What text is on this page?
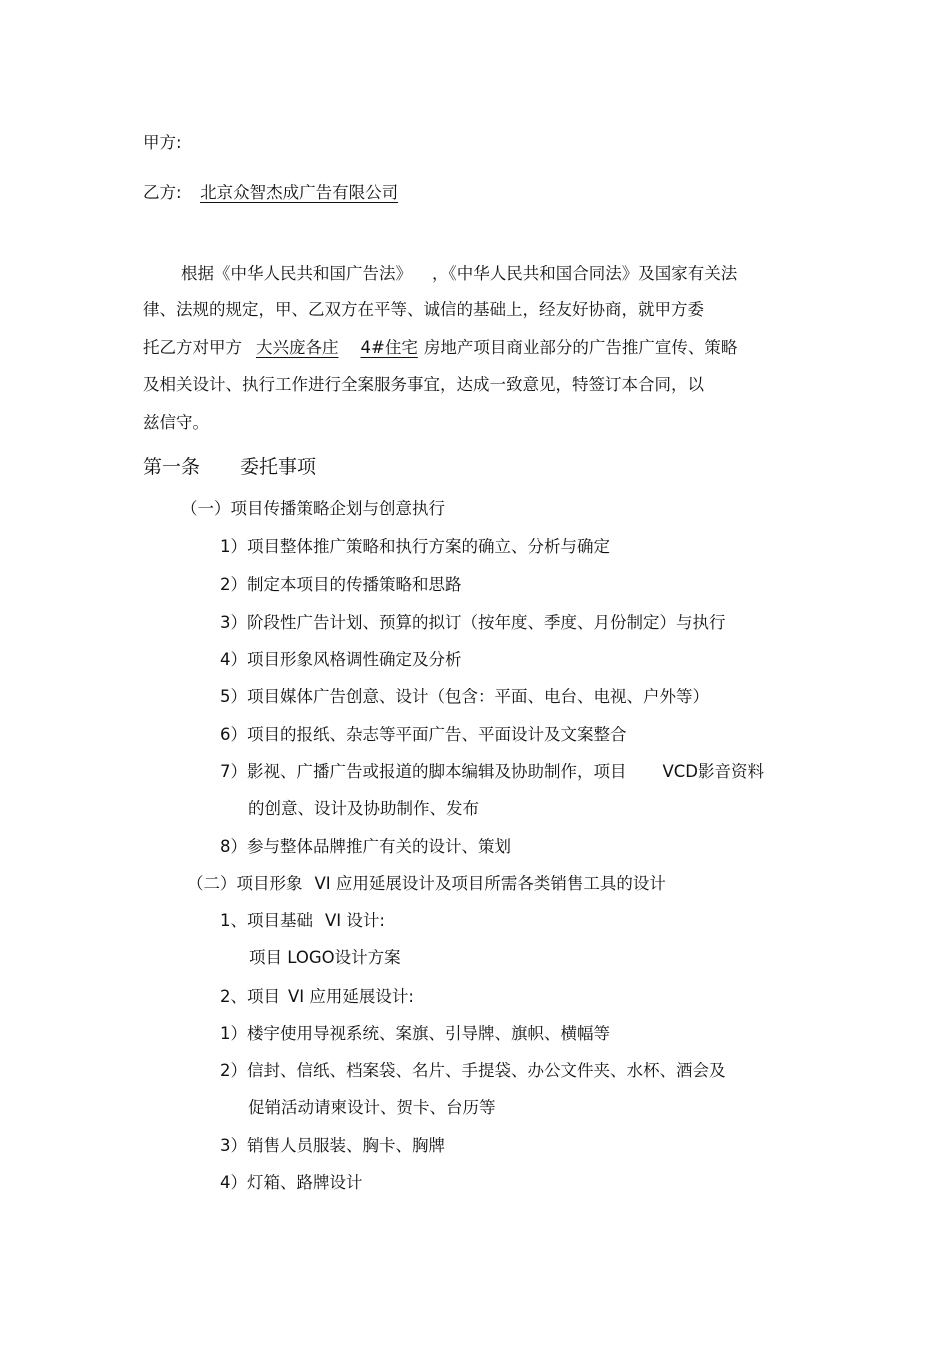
甲方:
乙方: 北京众智杰成广告有限公司
根据《中华人民共和国广告法》 ，《中华人民共和国合同法》及国家有关法
律、法规的规定，甲、乙双方在平等、诚信的基础上，经友好协商，就甲方委
托乙方对甲方 大兴庞各庄 4#住宅 房地产项目商业部分的广告推广宣传、策略
及相关设计、执行工作进行全案服务事宜，达成一致意见，特签订本合同，以
兹信守。
第一条 委托事项
（一）项目传播策略企划与创意执行
1）项目整体推广策略和执行方案的确立、分析与确定
2）制定本项目的传播策略和思路
3）阶段性广告计划、预算的拟订（按年度、季度、月份制定）与执行
4）项目形象风格调性确定及分析
5）项目媒体广告创意、设计（包含：平面、电台、电视、户外等）
6）项目的报纸、杂志等平面广告、平面设计及文案整合
7）影视、广播广告或报道的脚本编辑及协助制作，项目 VCD影音资料
的创意、设计及协助制作、发布
8）参与整体品牌推广有关的设计、策划
（二）项目形象 VI 应用延展设计及项目所需各类销售工具的设计
1、项目基础 VI 设计:
项目 LOGO设计方案
2、项目 VI 应用延展设计:
1）楼宇使用导视系统、案旗、引导牌、旗帜、横幅等
2）信封、信纸、档案袋、名片、手提袋、办公文件夹、水杯、酒会及
促销活动请柬设计、贺卡、台历等
3）销售人员服装、胸卡、胸牌
4）灯箱、路牌设计
